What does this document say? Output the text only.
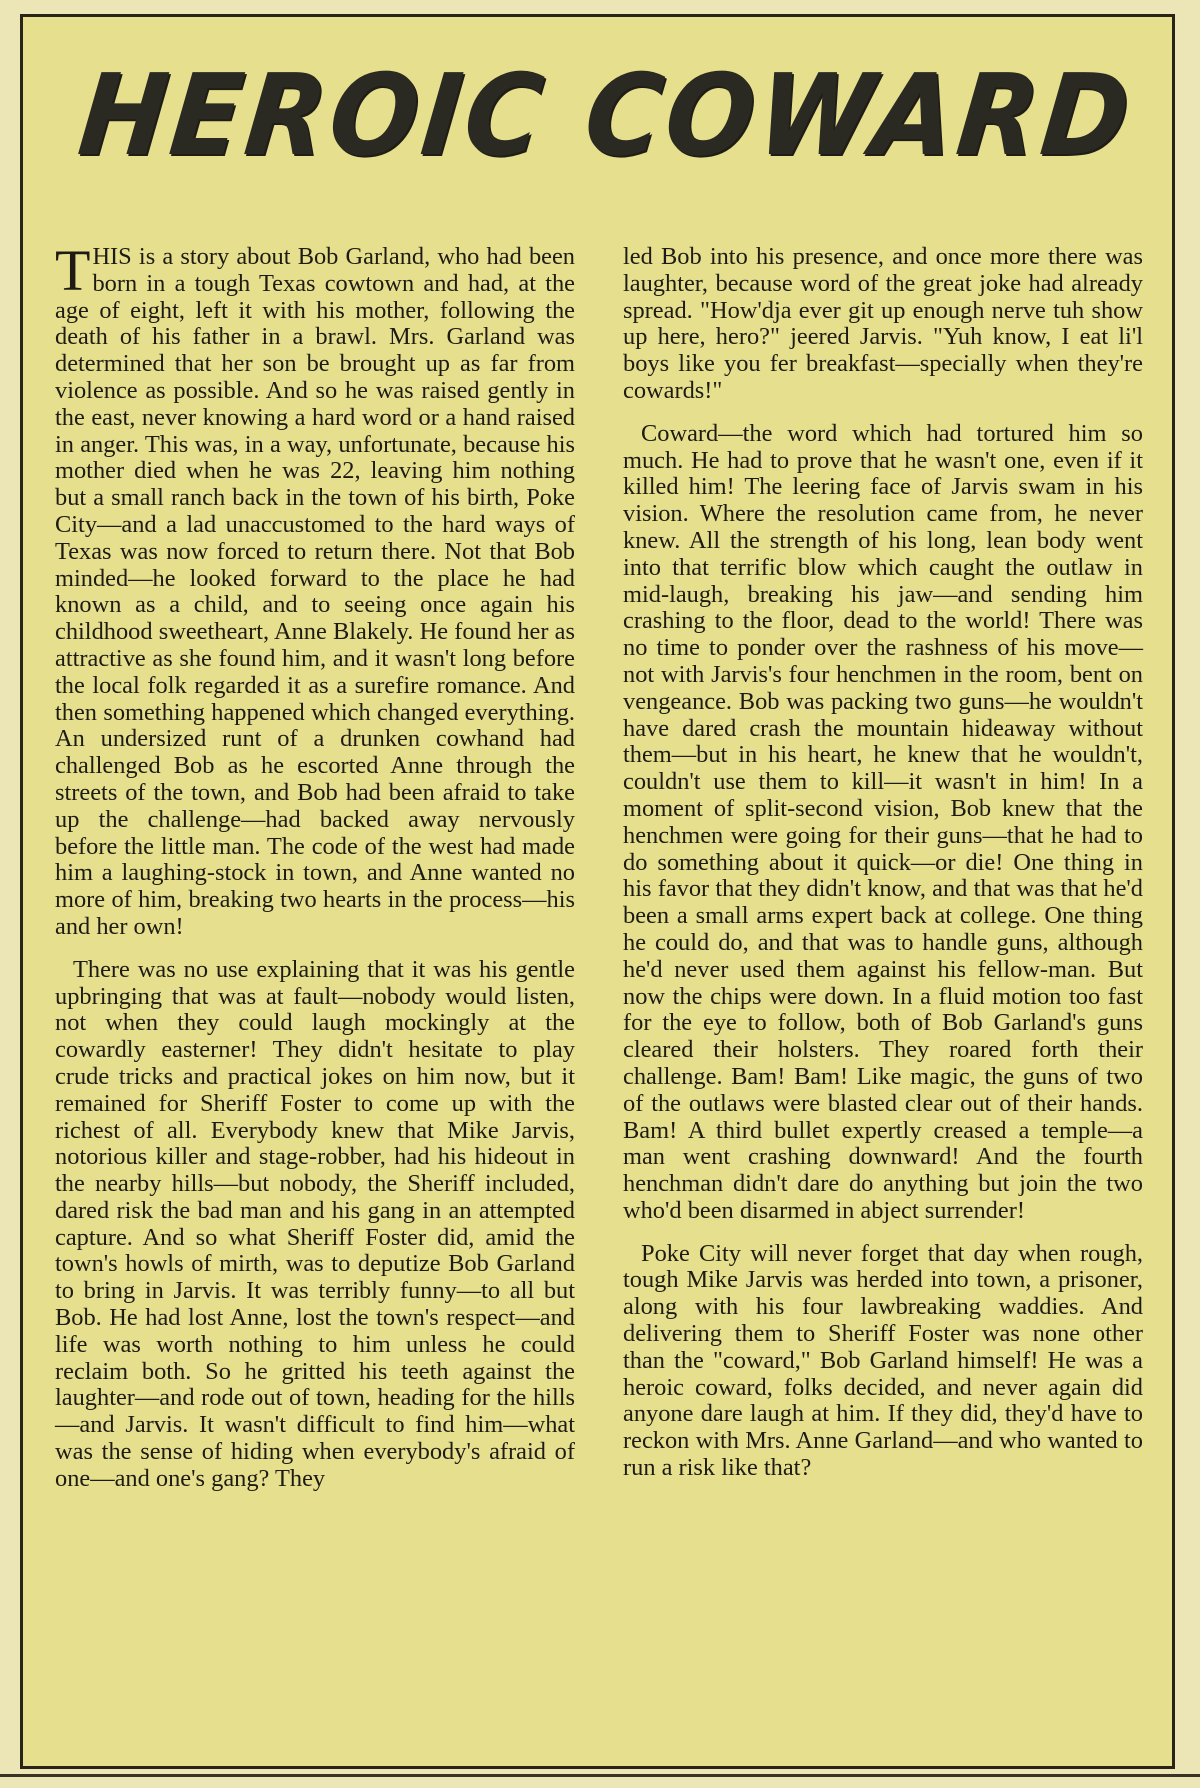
HEROIC COWARD

THIS is a story about Bob Garland, who had been born in a tough Texas cowtown and had, at the age of eight, left it with his mother, following the death of his father in a brawl. Mrs. Garland was determined that her son be brought up as far from violence as possible. And so he was raised gently in the east, never knowing a hard word or a hand raised in anger. This was, in a way, unfortunate, because his mother died when he was 22, leaving him nothing but a small ranch back in the town of his birth, Poke City—and a lad unaccustomed to the hard ways of Texas was now forced to return there. Not that Bob minded—he looked forward to the place he had known as a child, and to seeing once again his childhood sweetheart, Anne Blakely. He found her as attractive as she found him, and it wasn't long before the local folk regarded it as a surefire romance. And then something happened which changed everything. An undersized runt of a drunken cowhand had challenged Bob as he escorted Anne through the streets of the town, and Bob had been afraid to take up the challenge—had backed away nervously before the little man. The code of the west had made him a laughing-stock in town, and Anne wanted no more of him, breaking two hearts in the process—his and her own!

There was no use explaining that it was his gentle upbringing that was at fault—nobody would listen, not when they could laugh mockingly at the cowardly easterner! They didn't hesitate to play crude tricks and practical jokes on him now, but it remained for Sheriff Foster to come up with the richest of all. Everybody knew that Mike Jarvis, notorious killer and stage-robber, had his hideout in the nearby hills—but nobody, the Sheriff included, dared risk the bad man and his gang in an attempted capture. And so what Sheriff Foster did, amid the town's howls of mirth, was to deputize Bob Garland to bring in Jarvis. It was terribly funny—to all but Bob. He had lost Anne, lost the town's respect—and life was worth nothing to him unless he could reclaim both. So he gritted his teeth against the laughter—and rode out of town, heading for the hills—and Jarvis. It wasn't difficult to find him—what was the sense of hiding when everybody's afraid of one—and one's gang? They

led Bob into his presence, and once more there was laughter, because word of the great joke had already spread. "How'dja ever git up enough nerve tuh show up here, hero?" jeered Jarvis. "Yuh know, I eat li'l boys like you fer breakfast—specially when they're cowards!"

Coward—the word which had tortured him so much. He had to prove that he wasn't one, even if it killed him! The leering face of Jarvis swam in his vision. Where the resolution came from, he never knew. All the strength of his long, lean body went into that terrific blow which caught the outlaw in mid-laugh, breaking his jaw—and sending him crashing to the floor, dead to the world! There was no time to ponder over the rashness of his move—not with Jarvis's four henchmen in the room, bent on vengeance. Bob was packing two guns—he wouldn't have dared crash the mountain hideaway without them—but in his heart, he knew that he wouldn't, couldn't use them to kill—it wasn't in him! In a moment of split-second vision, Bob knew that the henchmen were going for their guns—that he had to do something about it quick—or die! One thing in his favor that they didn't know, and that was that he'd been a small arms expert back at college. One thing he could do, and that was to handle guns, although he'd never used them against his fellow-man. But now the chips were down. In a fluid motion too fast for the eye to follow, both of Bob Garland's guns cleared their holsters. They roared forth their challenge. Bam! Bam! Like magic, the guns of two of the outlaws were blasted clear out of their hands. Bam! A third bullet expertly creased a temple—a man went crashing downward! And the fourth henchman didn't dare do anything but join the two who'd been disarmed in abject surrender!

Poke City will never forget that day when rough, tough Mike Jarvis was herded into town, a prisoner, along with his four lawbreaking waddies. And delivering them to Sheriff Foster was none other than the "coward," Bob Garland himself! He was a heroic coward, folks decided, and never again did anyone dare laugh at him. If they did, they'd have to reckon with Mrs. Anne Garland—and who wanted to run a risk like that?
